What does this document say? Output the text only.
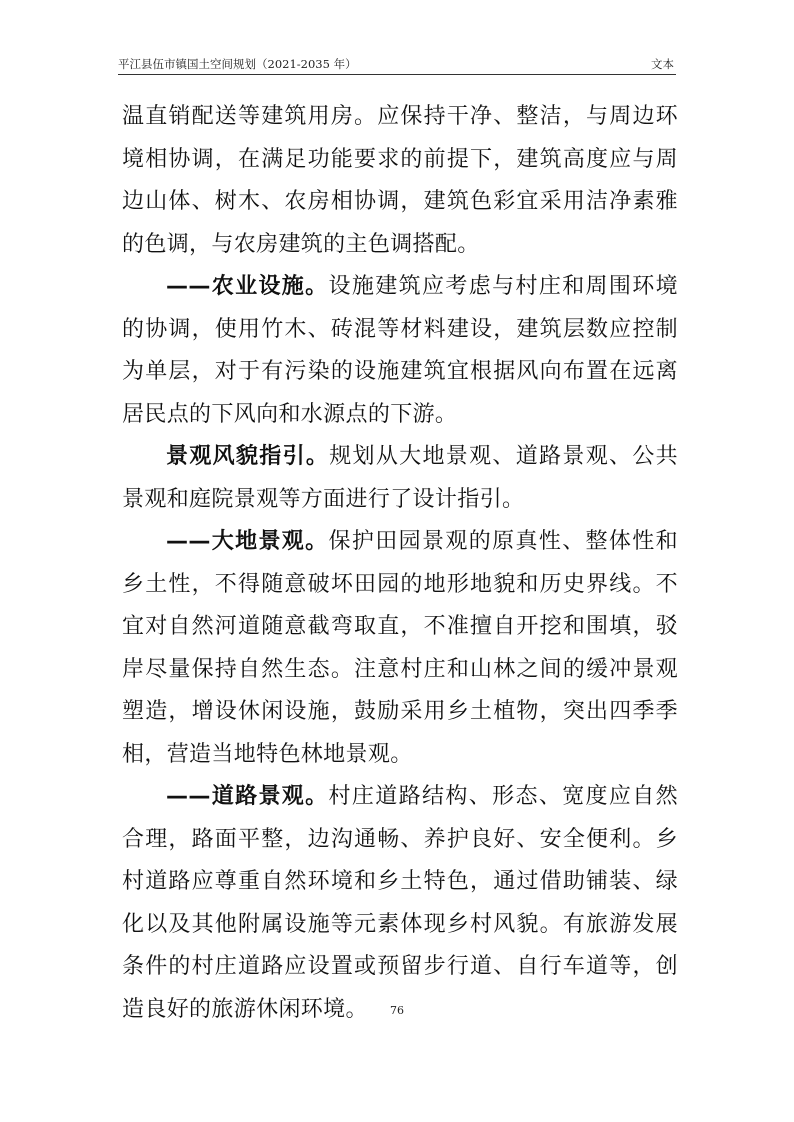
平江县伍市镇国土空间规划（2021-2035 年）	文本

温直销配送等建筑用房。应保持干净、整洁，与周边环境相协调，在满足功能要求的前提下，建筑高度应与周边山体、树木、农房相协调，建筑色彩宜采用洁净素雅的色调，与农房建筑的主色调搭配。

——农业设施。设施建筑应考虑与村庄和周围环境的协调，使用竹木、砖混等材料建设，建筑层数应控制为单层，对于有污染的设施建筑宜根据风向布置在远离居民点的下风向和水源点的下游。

景观风貌指引。规划从大地景观、道路景观、公共景观和庭院景观等方面进行了设计指引。

——大地景观。保护田园景观的原真性、整体性和乡土性，不得随意破坏田园的地形地貌和历史界线。不宜对自然河道随意截弯取直，不准擅自开挖和围填，驳岸尽量保持自然生态。注意村庄和山林之间的缓冲景观塑造，增设休闲设施，鼓励采用乡土植物，突出四季季相，营造当地特色林地景观。

——道路景观。村庄道路结构、形态、宽度应自然合理，路面平整，边沟通畅、养护良好、安全便利。乡村道路应尊重自然环境和乡土特色，通过借助铺装、绿化以及其他附属设施等元素体现乡村风貌。有旅游发展条件的村庄道路应设置或预留步行道、自行车道等，创造良好的旅游休闲环境。	76
